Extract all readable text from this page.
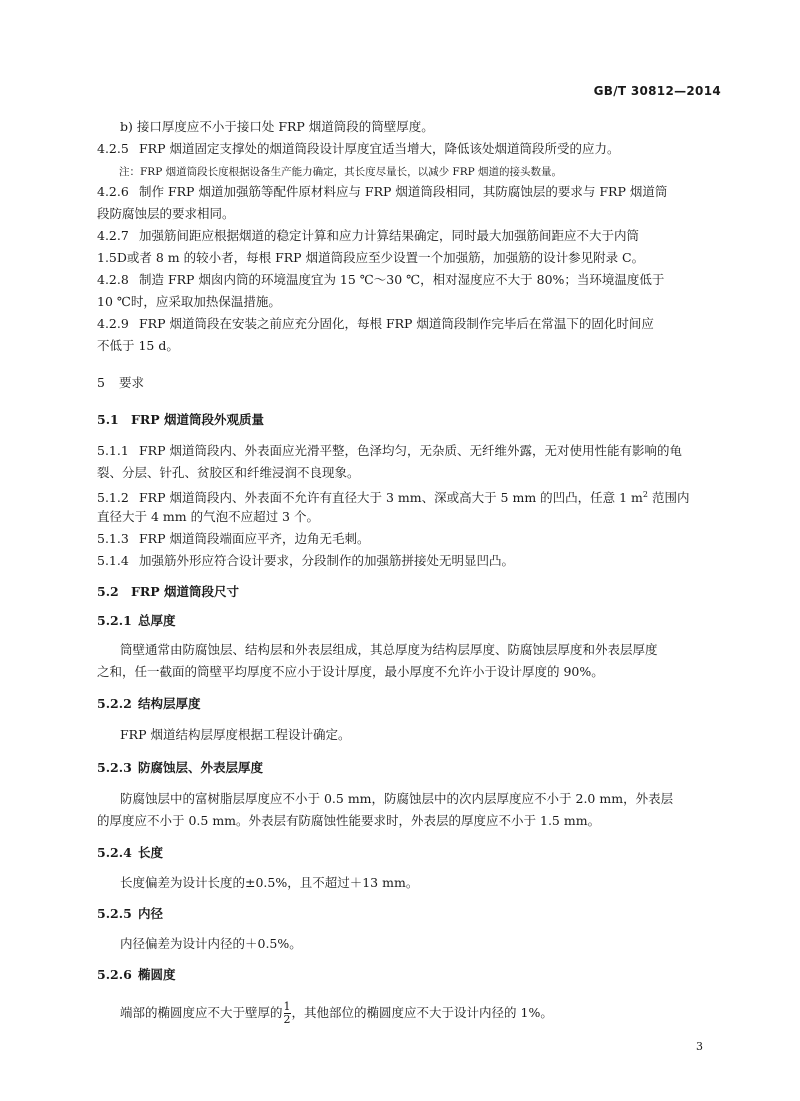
GB/T 30812—2014
b) 接口厚度应不小于接口处 FRP 烟道筒段的筒壁厚度。
4.2.5 FRP 烟道固定支撑处的烟道筒段设计厚度宜适当增大，降低该处烟道筒段所受的应力。
注：FRP 烟道筒段长度根据设备生产能力确定，其长度尽量长，以减少 FRP 烟道的接头数量。
4.2.6 制作 FRP 烟道加强筋等配件原材料应与 FRP 烟道筒段相同，其防腐蚀层的要求与 FRP 烟道筒
段防腐蚀层的要求相同。
4.2.7 加强筋间距应根据烟道的稳定计算和应力计算结果确定，同时最大加强筋间距应不大于内筒
1.5D或者 8 m 的较小者，每根 FRP 烟道筒段应至少设置一个加强筋，加强筋的设计参见附录 C。
4.2.8 制造 FRP 烟囱内筒的环境温度宜为 15 ℃～30 ℃，相对湿度应不大于 80%；当环境温度低于
10 ℃时，应采取加热保温措施。
4.2.9 FRP 烟道筒段在安装之前应充分固化，每根 FRP 烟道筒段制作完毕后在常温下的固化时间应
不低于 15 d。
5 要求
5.1 FRP 烟道筒段外观质量
5.1.1 FRP 烟道筒段内、外表面应光滑平整，色泽均匀，无杂质、无纤维外露，无对使用性能有影响的龟
裂、分层、针孔、贫胶区和纤维浸润不良现象。
5.1.2 FRP 烟道筒段内、外表面不允许有直径大于 3 mm、深或高大于 5 mm 的凹凸，任意 1 $m^2$ 范围内
直径大于 4 mm 的气泡不应超过 3 个。
5.1.3 FRP 烟道筒段端面应平齐，边角无毛刺。
5.1.4 加强筋外形应符合设计要求，分段制作的加强筋拼接处无明显凹凸。
5.2 FRP 烟道筒段尺寸
5.2.1 总厚度
筒壁通常由防腐蚀层、结构层和外表层组成，其总厚度为结构层厚度、防腐蚀层厚度和外表层厚度
之和，任一截面的筒壁平均厚度不应小于设计厚度，最小厚度不允许小于设计厚度的 90%。
5.2.2 结构层厚度
FRP 烟道结构层厚度根据工程设计确定。
5.2.3 防腐蚀层、外表层厚度
防腐蚀层中的富树脂层厚度应不小于 0.5 mm，防腐蚀层中的次内层厚度应不小于 2.0 mm，外表层
的厚度应不小于 0.5 mm。外表层有防腐蚀性能要求时，外表层的厚度应不小于 1.5 mm。
5.2.4 长度
长度偏差为设计长度的±0.5%，且不超过＋13 mm。
5.2.5 内径
内径偏差为设计内径的＋0.5%。
5.2.6 椭圆度
端部的椭圆度应不大于壁厚的 $\frac{1}{2}$ ，其他部位的椭圆度应不大于设计内径的 1%。
3
